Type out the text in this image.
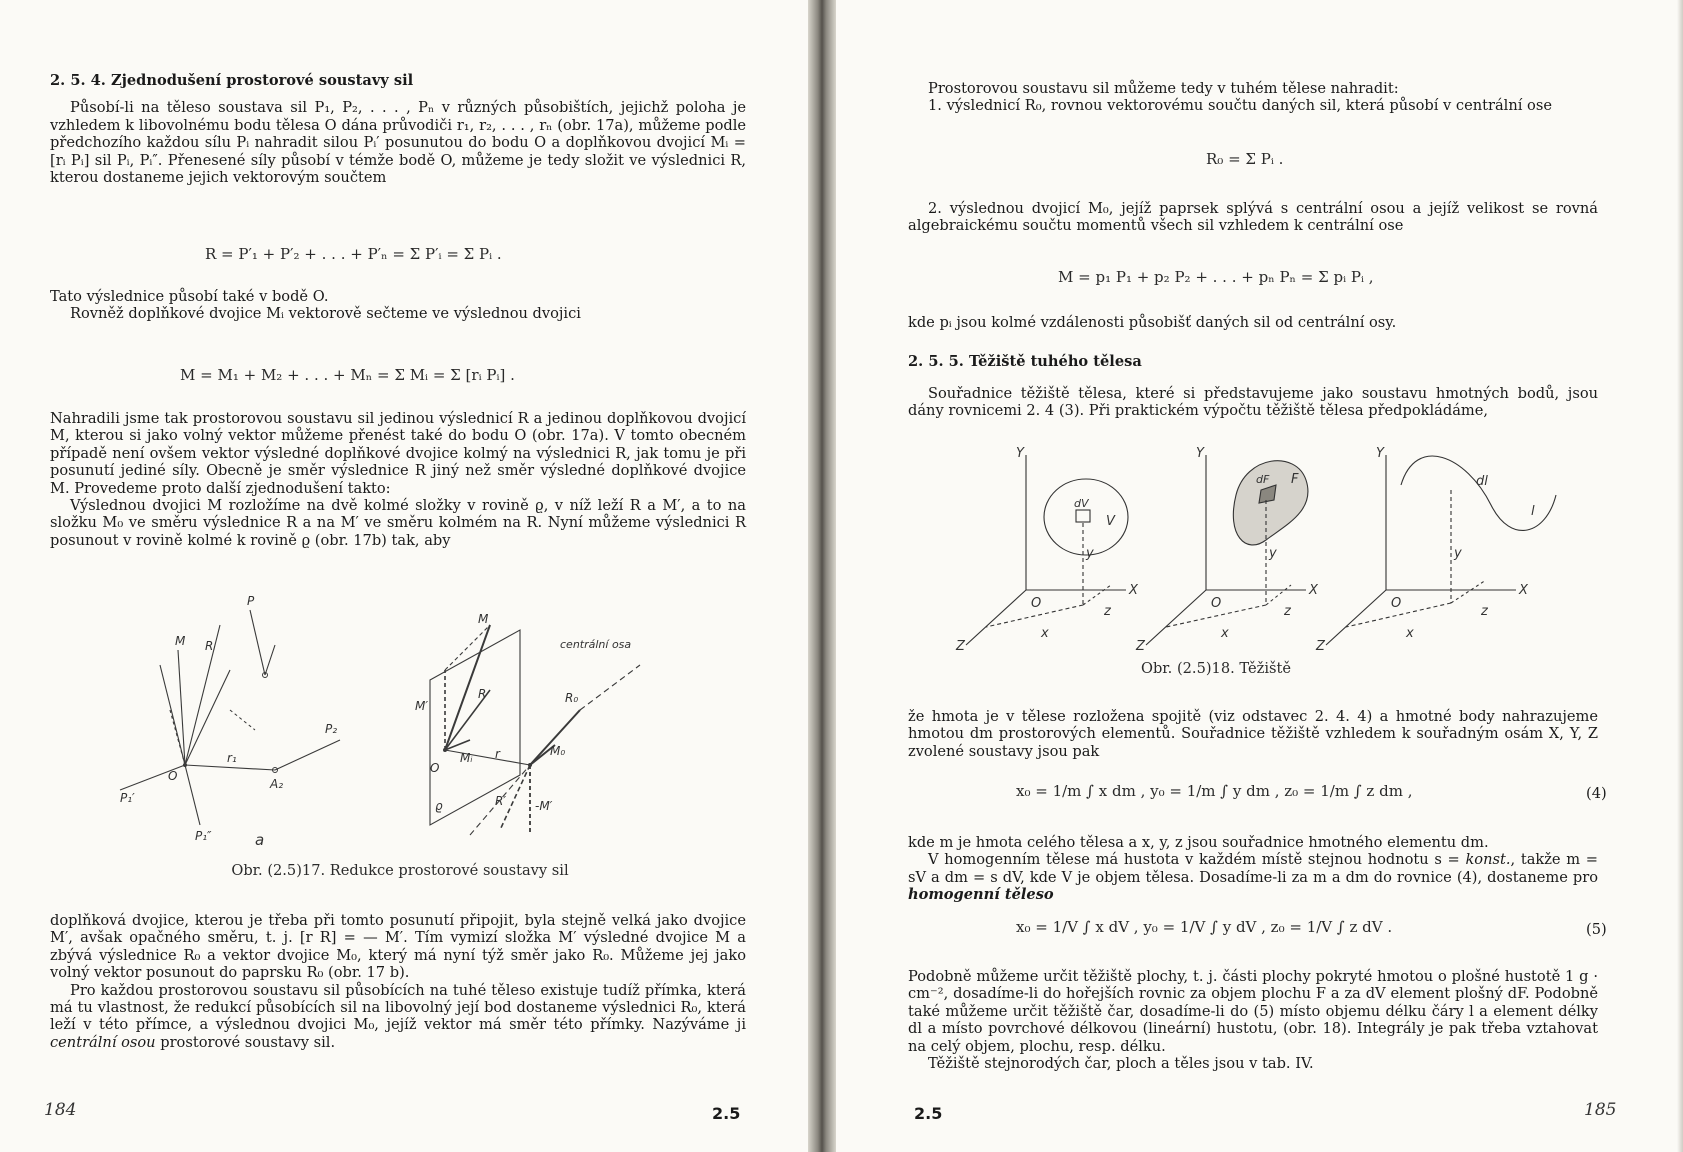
2. 5. 4. Zjednodušení prostorové soustavy sil

Působí-li na těleso soustava sil P₁, P₂, . . . , Pₙ v různých působištích, jejichž poloha je vzhledem k libovolnému bodu tělesa O dána průvodiči r₁, r₂, . . . , rₙ (obr. 17a), můžeme podle předchozího každou sílu Pᵢ nahradit silou Pᵢ′ posunutou do bodu O a doplňkovou dvojicí Mᵢ = [rᵢ Pᵢ] sil Pᵢ, Pᵢ″. Přenesené síly působí v témže bodě O, můžeme je tedy složit ve výslednici R, kterou dostaneme jejich vektorovým součtem

R = P′₁ + P′₂ + . . . + P′ₙ = Σ P′ᵢ = Σ Pᵢ .

Tato výslednice působí také v bodě O.

Rovněž doplňkové dvojice Mᵢ vektorově sečteme ve výslednou dvojici

M = M₁ + M₂ + . . . + Mₙ = Σ Mᵢ = Σ [rᵢ Pᵢ] .

Nahradili jsme tak prostorovou soustavu sil jedinou výslednicí R a jedinou doplňkovou dvojicí M, kterou si jako volný vektor můžeme přenést také do bodu O (obr. 17a). V tomto obecném případě není ovšem vektor výsledné doplňkové dvojice kolmý na výslednici R, jak tomu je při posunutí jediné síly. Obecně je směr výslednice R jiný než směr výsledné doplňkové dvojice M. Provedeme proto další zjednodušení takto:

Výslednou dvojici M rozložíme na dvě kolmé složky v rovině ϱ, v níž leží R a M′, a to na složku M₀ ve směru výslednice R a na M′ ve směru kolmém na R. Nyní můžeme výslednici R posunout v rovině kolmé k rovině ϱ (obr. 17b) tak, aby

P
M Rᵢ
P₂
P₁′
P₁″
A₂
O
r₁
a
M
M′
R
Mᵢ
O
r
R₀
M₀
R′ -M′
ϱ
centrální osa
Obr. (2.5)17. Redukce prostorové soustavy sil

doplňková dvojice, kterou je třeba při tomto posunutí připojit, byla stejně velká jako dvojice M′, avšak opačného směru, t. j. [r R] = — M′. Tím vymizí složka M′ výsledné dvojice M a zbývá výslednice R₀ a vektor dvojice M₀, který má nyní týž směr jako R₀. Můžeme jej jako volný vektor posunout do paprsku R₀ (obr. 17 b).

Pro každou prostorovou soustavu sil působících na tuhé těleso existuje tudíž přímka, která má tu vlastnost, že redukcí působících sil na libovolný její bod dostaneme výslednici R₀, která leží v této přímce, a výslednou dvojici M₀, jejíž vektor má směr této přímky. Nazýváme ji centrální osou prostorové soustavy sil.

184	2.5

Prostorovou soustavu sil můžeme tedy v tuhém tělese nahradit:

1. výslednicí R₀, rovnou vektorovému součtu daných sil, která působí v centrální ose

R₀ = Σ Pᵢ .

2. výslednou dvojicí M₀, jejíž paprsek splývá s centrální osou a jejíž velikost se rovná algebraickému součtu momentů všech sil vzhledem k centrální ose

M = p₁ P₁ + p₂ P₂ + . . . + pₙ Pₙ = Σ pᵢ Pᵢ ,

kde pᵢ jsou kolmé vzdálenosti působišť daných sil od centrální osy.

2. 5. 5. Těžiště tuhého tělesa

Souřadnice těžiště tělesa, které si představujeme jako soustavu hmotných bodů, jsou dány rovnicemi 2. 4 (3). Při praktickém výpočtu těžiště tělesa předpokládáme,

Y
dV
V
y
O
X
x
z
Z
Y
dF F
y
O
X
x
z
Z
Y
dl
l
y
O
X
x
z
Z
Obr. (2.5)18. Těžiště

že hmota je v tělese rozložena spojitě (viz odstavec 2. 4. 4) a hmotné body nahrazujeme hmotou dm prostorových elementů. Souřadnice těžiště vzhledem k souřadným osám X, Y, Z zvolené soustavy jsou pak

x₀ = 1/m ∫ x dm , y₀ = 1/m ∫ y dm , z₀ = 1/m ∫ z dm ,	(4)

kde m je hmota celého tělesa a x, y, z jsou souřadnice hmotného elementu dm.

V homogenním tělese má hustota v každém místě stejnou hodnotu s = konst., takže m = sV a dm = s dV, kde V je objem tělesa. Dosadíme-li za m a dm do rovnice (4), dostaneme pro homogenní těleso

x₀ = 1/V ∫ x dV , y₀ = 1/V ∫ y dV , z₀ = 1/V ∫ z dV .	(5)

Podobně můžeme určit těžiště plochy, t. j. části plochy pokryté hmotou o plošné hustotě 1 g · cm⁻², dosadíme-li do hořejších rovnic za objem plochu F a za dV element plošný dF. Podobně také můžeme určit těžiště čar, dosadíme-li do (5) místo objemu délku čáry l a element délky dl a místo povrchové délkovou (lineární) hustotu, (obr. 18). Integrály je pak třeba vztahovat na celý objem, plochu, resp. délku.

Těžiště stejnorodých čar, ploch a těles jsou v tab. IV.

2.5	185
